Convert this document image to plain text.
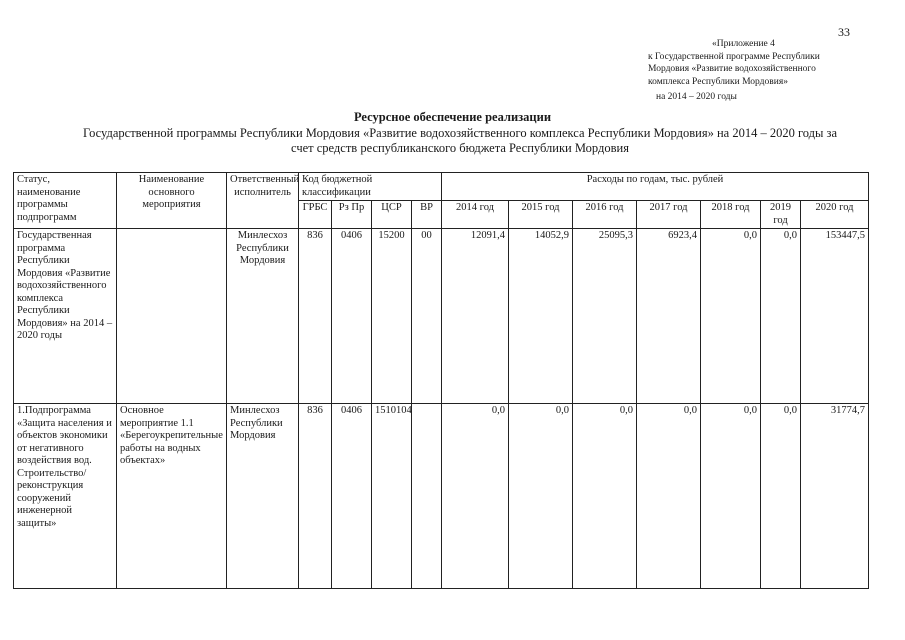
33
«Приложение 4
к Государственной программе Республики
Мордовия «Развитие водохозяйственного
комплекса Республики Мордовия»
на 2014 – 2020 годы
Ресурсное обеспечение реализации
Государственной программы Республики Мордовия «Развитие водохозяйственного комплекса Республики Мордовия» на 2014 – 2020 годы за счет средств республиканского бюджета Республики Мордовия
Статус, наименование программы подпрограмм	Наименование основного мероприятия	Ответственный исполнитель	Код бюджетной классификации				Расходы по годам, тыс. рублей						
			ГРБС	Рз Пр	ЦСР	ВР	2014 год	2015 год	2016 год	2017 год	2018 год	2019 год	2020 год
Государственная программа Республики Мордовия «Развитие водохозяйственного комплекса Республики Мордовия» на 2014 – 2020 годы		Минлесхоз Республики Мордовия	836	0406	15200	00	12091,4	14052,9	25095,3	6923,4	0,0	0,0	153447,5
1.Подпрограмма «Защита населения и объектов экономики от негативного воздействия вод. Строительство/реконструкция сооружений инженерной защиты»	Основное мероприятие 1.1 «Берегоукрепительные работы на водных объектах»	Минлесхоз Республики Мордовия	836	0406	1510104		0,0	0,0	0,0	0,0	0,0	0,0	31774,7
